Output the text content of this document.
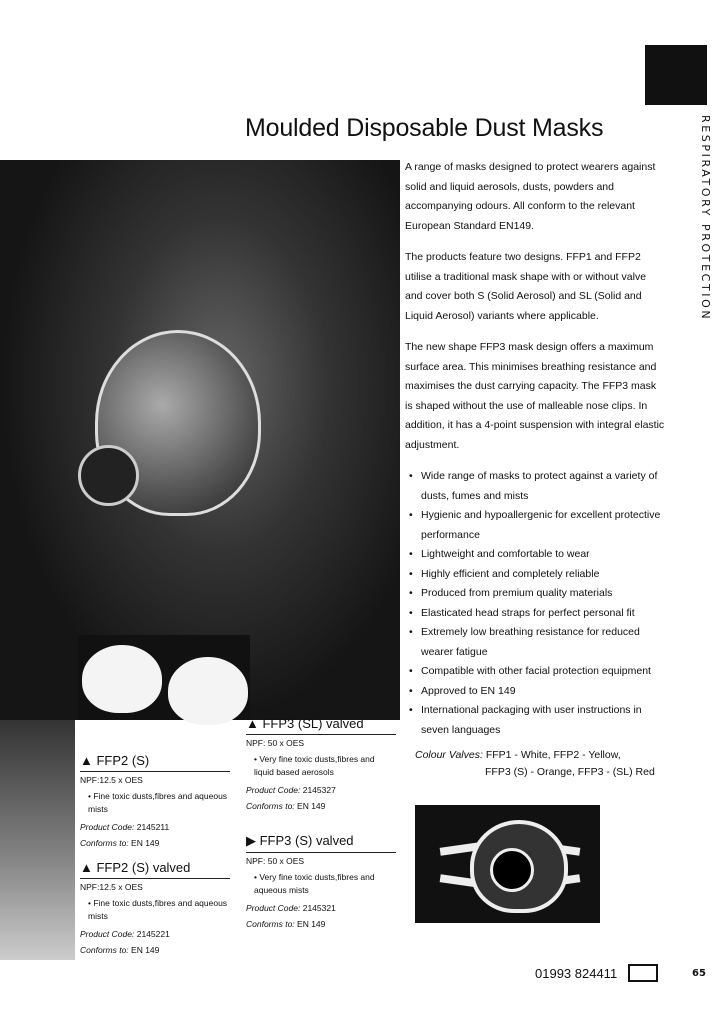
RESPIRATORY PROTECTION
Moulded Disposable Dust Masks

A range of masks designed to protect wearers against solid and liquid aerosols, dusts, powders and accompanying odours. All conform to the relevant European Standard EN149.

The products feature two designs. FFP1 and FFP2 utilise a traditional mask shape with or without valve and cover both S (Solid Aerosol) and SL (Solid and Liquid Aerosol) variants where applicable.

The new shape FFP3 mask design offers a maximum surface area. This minimises breathing resistance and maximises the dust carrying capacity. The FFP3 mask is shaped without the use of malleable nose clips. In addition, it has a 4-point suspension with integral elastic adjustment.

• Wide range of masks to protect against a variety of dusts, fumes and mists
• Hygienic and hypoallergenic for excellent protective performance
• Lightweight and comfortable to wear
• Highly efficient and completely reliable
• Produced from premium quality materials
• Elasticated head straps for perfect personal fit
• Extremely low breathing resistance for reduced wearer fatigue
• Compatible with other facial protection equipment
• Approved to EN 149
• International packaging with user instructions in seven languages
Colour Valves: FFP1 - White, FFP2 - Yellow,
FFP3 (S) - Orange, FFP3 - (SL) Red
▲ FFP2 (S)
NPF:12.5 x OES
• Fine toxic dusts,fibres and aqueous mists
Product Code: 2145211
Conforms to: EN 149
▲ FFP2 (S) valved
NPF:12.5 x OES
• Fine toxic dusts,fibres and aqueous mists
Product Code: 2145221
Conforms to: EN 149
▲ FFP3 (SL) valved
NPF: 50 x OES
• Very fine toxic dusts,fibres and liquid based aerosols
Product Code: 2145327
Conforms to: EN 149
▶ FFP3 (S) valved
NPF: 50 x OES
• Very fine toxic dusts,fibres and aqueous mists
Product Code: 2145321
Conforms to: EN 149
01993 824411	65
